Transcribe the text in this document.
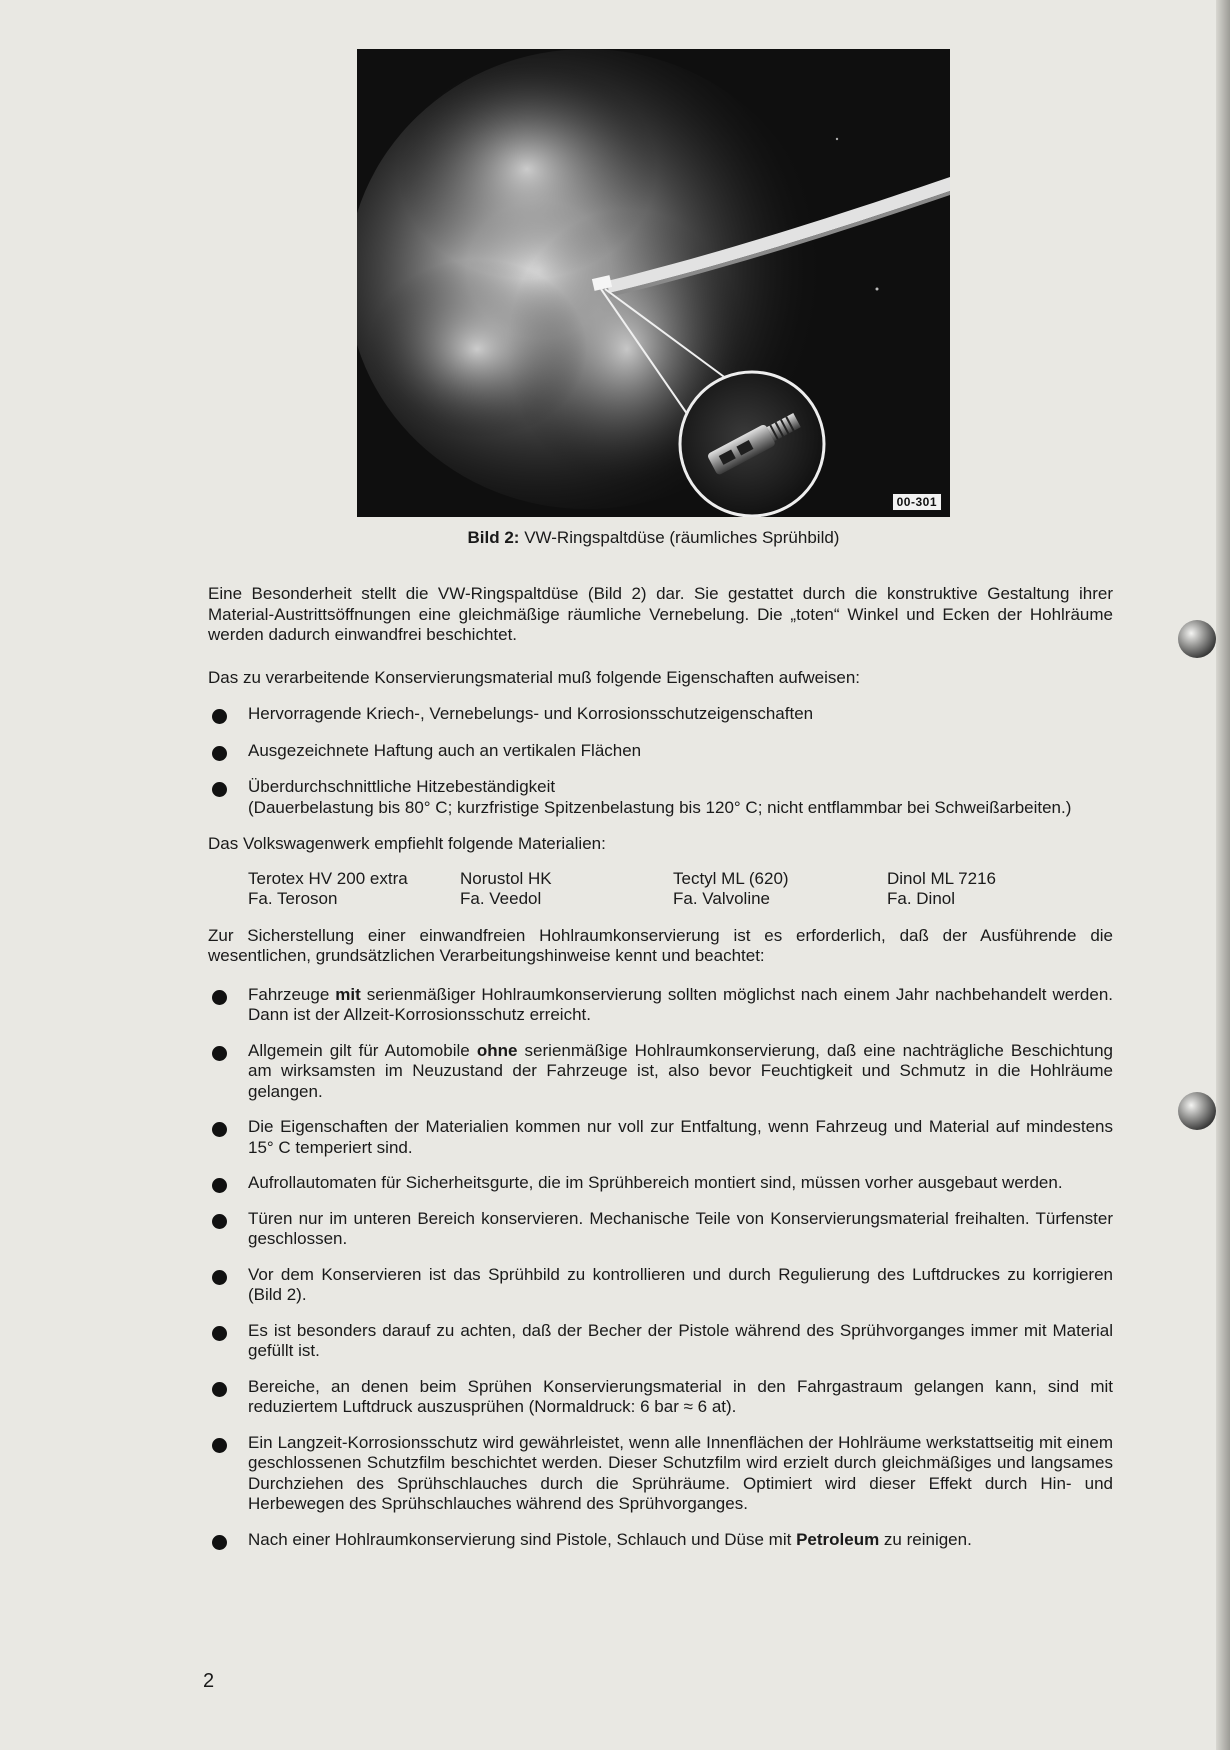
00-301
Bild 2: VW-Ringspaltdüse (räumliches Sprühbild)

Eine Besonderheit stellt die VW-Ringspaltdüse (Bild 2) dar. Sie gestattet durch die konstruktive Gestaltung ihrer Material-Austrittsöffnungen eine gleichmäßige räumliche Vernebelung. Die „toten“ Winkel und Ecken der Hohlräume werden dadurch einwandfrei beschichtet.

Das zu verarbeitende Konservierungsmaterial muß folgende Eigenschaften aufweisen:

Hervorragende Kriech-, Vernebelungs- und Korrosionsschutzeigenschaften
Ausgezeichnete Haftung auch an vertikalen Flächen
Überdurchschnittliche Hitzebeständigkeit
(Dauerbelastung bis 80° C; kurzfristige Spitzenbelastung bis 120° C; nicht entflammbar bei Schweißarbeiten.)

Das Volkswagenwerk empfiehlt folgende Materialien:

Terotex HV 200 extra
Fa. Teroson
Norustol HK
Fa. Veedol
Tectyl ML (620)
Fa. Valvoline
Dinol ML 7216
Fa. Dinol

Zur Sicherstellung einer einwandfreien Hohlraumkonservierung ist es erforderlich, daß der Ausführende die wesentlichen, grundsätzlichen Verarbeitungshinweise kennt und beachtet:

Fahrzeuge mit serienmäßiger Hohlraumkonservierung sollten möglichst nach einem Jahr nachbehandelt werden. Dann ist der Allzeit-Korrosionsschutz erreicht.
Allgemein gilt für Automobile ohne serienmäßige Hohlraumkonservierung, daß eine nachträgliche Beschichtung am wirksamsten im Neuzustand der Fahrzeuge ist, also bevor Feuchtigkeit und Schmutz in die Hohlräume gelangen.
Die Eigenschaften der Materialien kommen nur voll zur Entfaltung, wenn Fahrzeug und Material auf mindestens 15° C temperiert sind.
Aufrollautomaten für Sicherheitsgurte, die im Sprühbereich montiert sind, müssen vorher ausgebaut werden.
Türen nur im unteren Bereich konservieren. Mechanische Teile von Konservierungsmaterial freihalten. Türfenster geschlossen.
Vor dem Konservieren ist das Sprühbild zu kontrollieren und durch Regulierung des Luftdruckes zu korrigieren (Bild 2).
Es ist besonders darauf zu achten, daß der Becher der Pistole während des Sprühvorganges immer mit Material gefüllt ist.
Bereiche, an denen beim Sprühen Konservierungsmaterial in den Fahrgastraum gelangen kann, sind mit reduziertem Luftdruck auszusprühen (Normaldruck: 6 bar ≈ 6 at).
Ein Langzeit-Korrosionsschutz wird gewährleistet, wenn alle Innenflächen der Hohlräume werkstattseitig mit einem geschlossenen Schutzfilm beschichtet werden. Dieser Schutzfilm wird erzielt durch gleichmäßiges und langsames Durchziehen des Sprühschlauches durch die Sprühräume. Optimiert wird dieser Effekt durch Hin- und Herbewegen des Sprühschlauches während des Sprühvorganges.
Nach einer Hohlraumkonservierung sind Pistole, Schlauch und Düse mit Petroleum zu reinigen.
2
